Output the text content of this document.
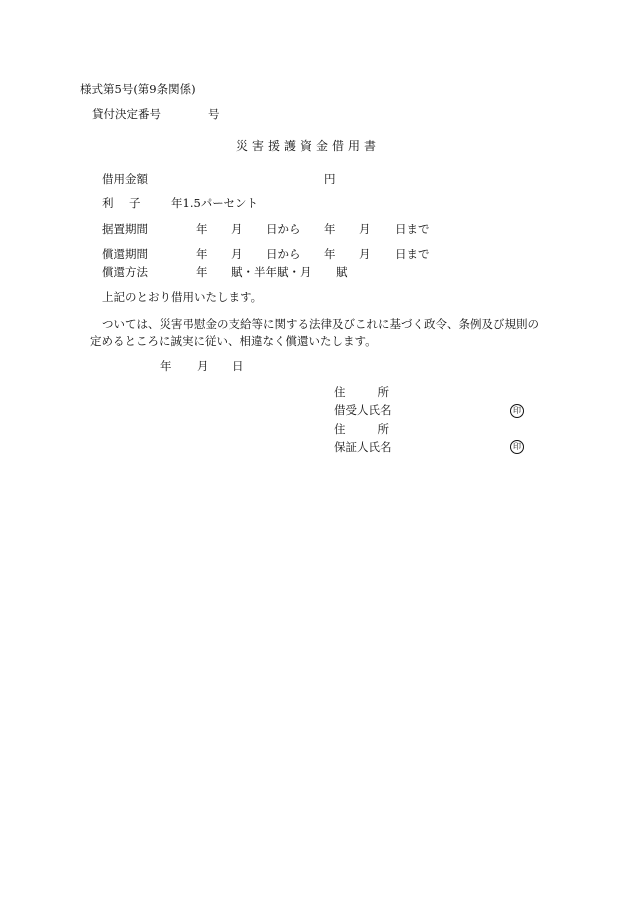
様式第5号(第9条関係)
貸付決定番号	号
災害援護資金借用書
借用金額	円
利　子 年1.5パーセント
据置期間	年 月 日から 年 月 日まで
償還期間	年 月 日から 年 月 日まで
償還方法	年 賦・半年賦・月 賦
上記のとおり借用いたします。
ついては、災害弔慰金の支給等に関する法律及びこれに基づく政令、条例及び規則の
定めるところに誠実に従い、相違なく償還いたします。
年 月 日
住　　所
借受人氏名	印
住　　所
保証人氏名	印
